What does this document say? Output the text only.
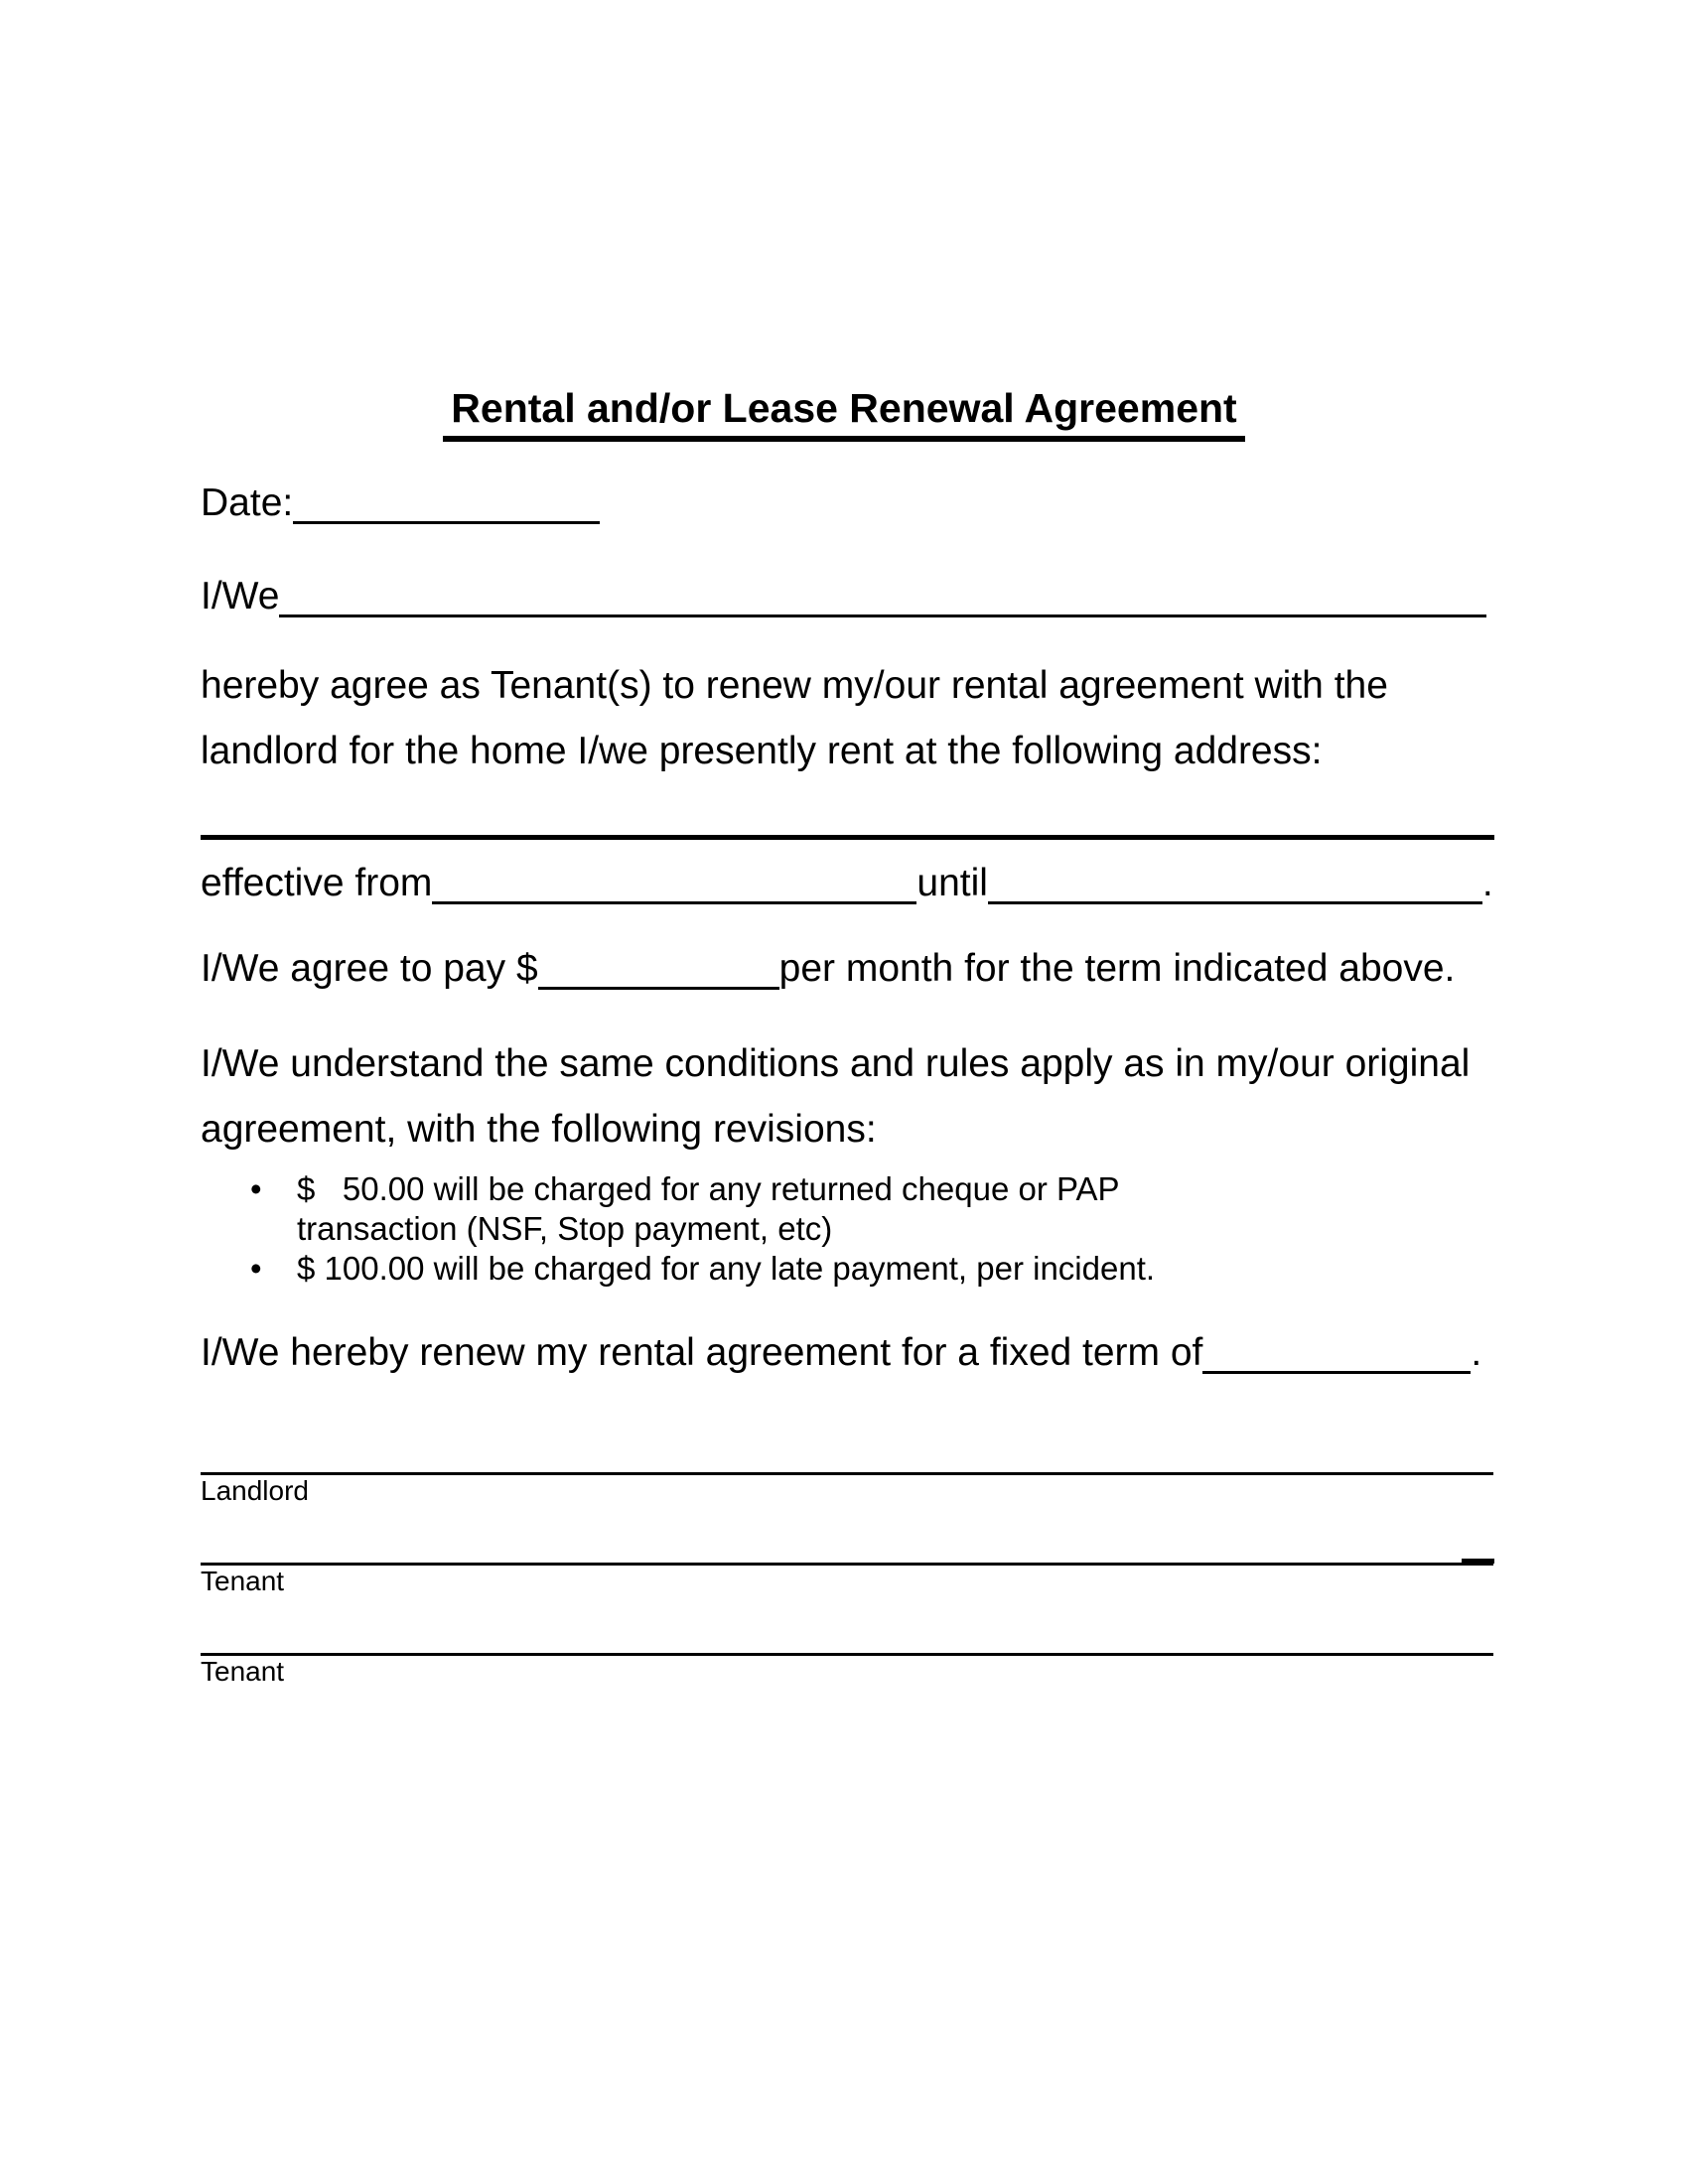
Rental and/or Lease Renewal Agreement
Date:
I/We
hereby agree as Tenant(s) to renew my/our rental agreement with the
landlord for the home I/we presently rent at the following address:
effective from	until	.
I/We agree to pay $	per month for the term indicated above.
I/We understand the same conditions and rules apply as in my/our original
agreement, with the following revisions:
• $   50.00 will be charged for any returned cheque or PAP
transaction (NSF, Stop payment, etc)
• $ 100.00 will be charged for any late payment, per incident.
I/We hereby renew my rental agreement for a fixed term of	.
Landlord
Tenant
Tenant
